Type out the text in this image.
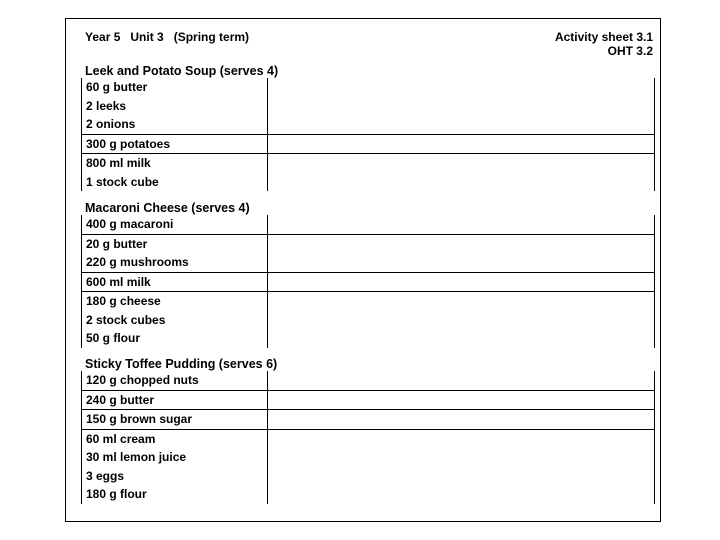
Year 5   Unit 3   (Spring term)	Activity sheet 3.1
OHT 3.2
Leek and Potato Soup (serves 4)
60 g butter
2 leeks
2 onions
300 g potatoes
800 ml milk
1 stock cube
Macaroni Cheese (serves 4)
400 g macaroni
20 g butter
220 g mushrooms
600 ml milk
180 g cheese
2 stock cubes
50 g flour
Sticky Toffee Pudding (serves 6)
120 g chopped nuts
240 g butter
150 g brown sugar
60 ml cream
30 ml lemon juice
3 eggs
180 g flour
